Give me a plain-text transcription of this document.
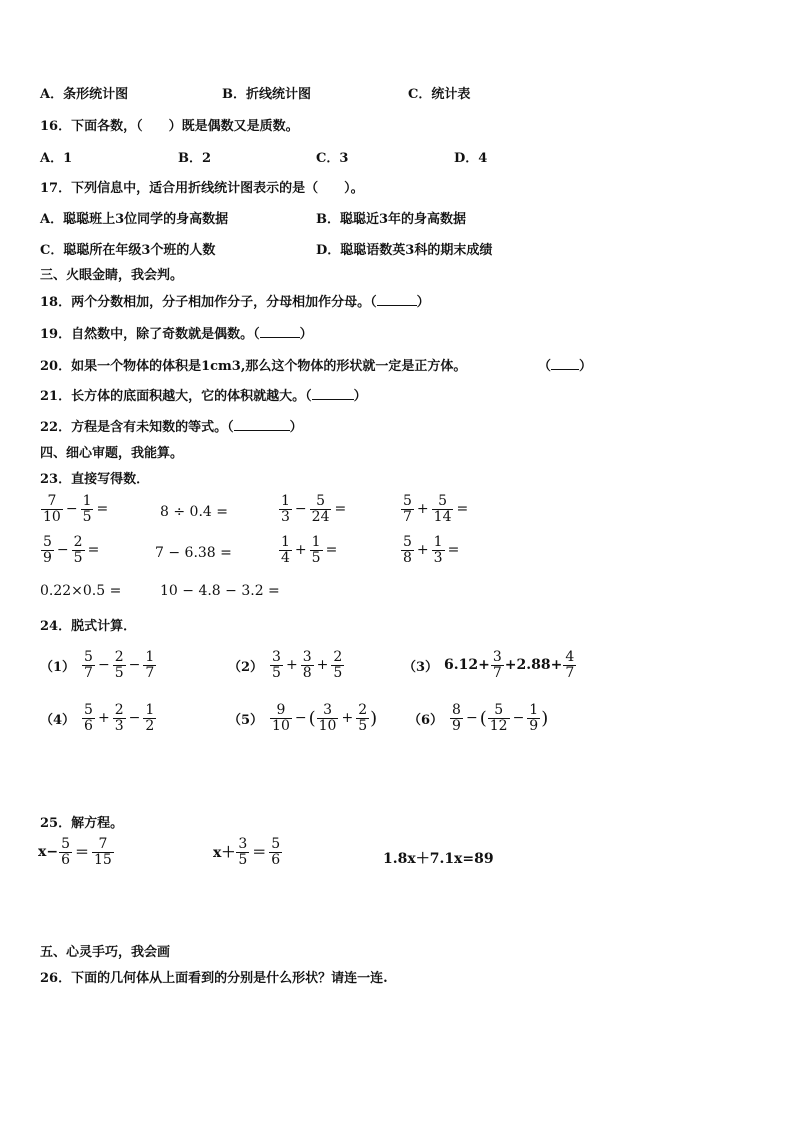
A．条形统计图	B．折线统计图	C．统计表
16．下面各数，（　　）既是偶数又是质数。
A．1	B．2	C．3	D．4
17．下列信息中，适合用折线统计图表示的是（　　）。
A．聪聪班上3位同学的身高数据	B．聪聪近3年的身高数据
C．聪聪所在年级3个班的人数	D．聪聪语数英3科的期末成绩
三、火眼金睛，我会判。
18．两个分数相加，分子相加作分子，分母相加作分母。（	）
19．自然数中，除了奇数就是偶数。（	）
20．如果一个物体的体积是1cm3,那么这个物体的形状就一定是正方体。	（ ）
21．长方体的底面积越大，它的体积就越大。（	）
22．方程是含有未知数的等式。（	）
四、细心审题，我能算。
23．直接写得数．
$\frac{7}{10} - \frac{1}{5}$ =	8 ÷ 0.4 =	$\frac{1}{3} - \frac{5}{24}$ =	$\frac{5}{7} + \frac{5}{14}$ =
$\frac{5}{9} - \frac{2}{5}$ =	7 − 6.38 =	$\frac{1}{4} + \frac{1}{5}$ =	$\frac{5}{8} + \frac{1}{3}$ =
0.22×0.5 =	10 − 4.8 − 3.2 =
24．脱式计算．
$(1) \frac{5}{7} - \frac{2}{5} - \frac{1}{7}$	$(2) \frac{3}{5} + \frac{3}{8} + \frac{2}{5}$	（3） $6.12+ \frac{3}{7} +2.88+ \frac{4}{7}$
$(4) \frac{5}{6} + \frac{2}{3} - \frac{1}{2}$	$(5) \frac{9}{10}$ − ( $\frac{3}{10} + \frac{2}{5}$ ) $(6) \frac{8}{9}$ − ( $\frac{5}{12} - \frac{1}{9}$ )
25．解方程。
$x- \frac{5}{6} = \frac{7}{15}$	$x+ \frac{3}{5} = \frac{5}{6}$	1.8x＋7.1x=89
五、心灵手巧，我会画
26．下面的几何体从上面看到的分别是什么形状？请连一连.
